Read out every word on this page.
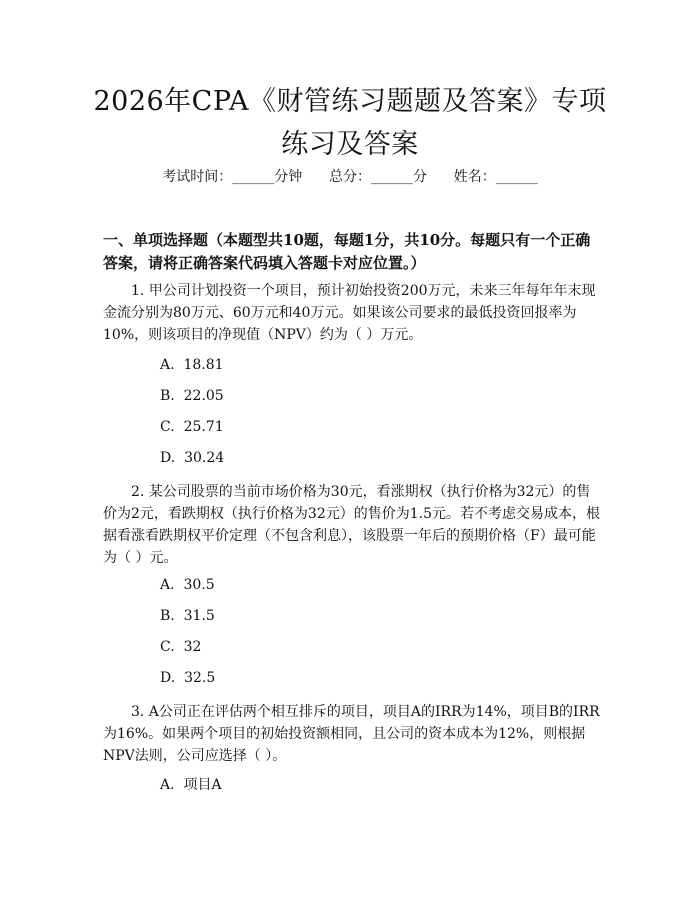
2026年CPA《财管练习题题及答案》专项练习及答案
考试时间：______分钟      总分：______分      姓名：______
一、单项选择题（本题型共10题，每题1分，共10分。每题只有一个正确答案，请将正确答案代码填入答题卡对应位置。）
1. 甲公司计划投资一个项目，预计初始投资200万元，未来三年每年年末现金流分别为80万元、60万元和40万元。如果该公司要求的最低投资回报率为10%，则该项目的净现值（NPV）约为（ ）万元。
A.  18.81
B.  22.05
C.  25.71
D.  30.24
2. 某公司股票的当前市场价格为30元，看涨期权（执行价格为32元）的售价为2元，看跌期权（执行价格为32元）的售价为1.5元。若不考虑交易成本，根据看涨看跌期权平价定理（不包含利息），该股票一年后的预期价格（F）最可能为（ ）元。
A.  30.5
B.  31.5
C.  32
D.  32.5
3. A公司正在评估两个相互排斥的项目，项目A的IRR为14%，项目B的IRR为16%。如果两个项目的初始投资额相同，且公司的资本成本为12%，则根据NPV法则，公司应选择（ ）。
A.  项目A
